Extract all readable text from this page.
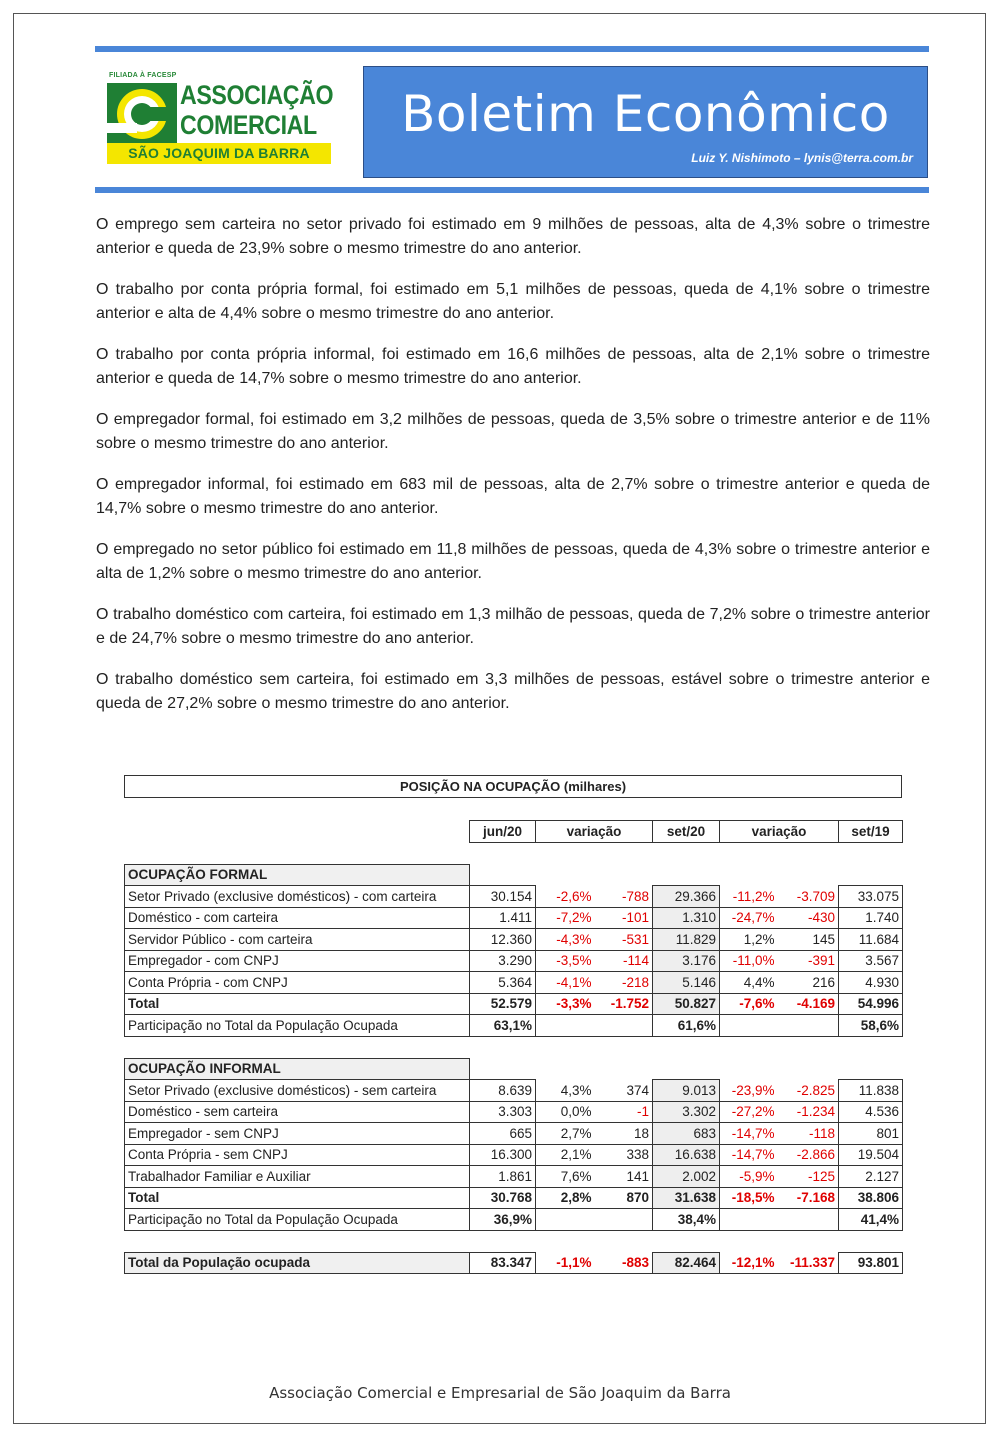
FILIADA À FACESP
ASSOCIAÇÃO
COMERCIAL
SÃO JOAQUIM DA BARRA
Boletim Econômico
Luiz Y. Nishimoto – lynis@terra.com.br

O emprego sem carteira no setor privado foi estimado em 9 milhões de pessoas, alta de 4,3% sobre o trimestre anterior e queda de 23,9% sobre o mesmo trimestre do ano anterior.

O trabalho por conta própria formal, foi estimado em 5,1 milhões de pessoas, queda de 4,1% sobre o trimestre anterior e alta de 4,4% sobre o mesmo trimestre do ano anterior.

O trabalho por conta própria informal, foi estimado em 16,6 milhões de pessoas, alta de 2,1% sobre o trimestre anterior e queda de 14,7% sobre o mesmo trimestre do ano anterior.

O empregador formal, foi estimado em 3,2 milhões de pessoas, queda de 3,5% sobre o trimestre anterior e de 11% sobre o mesmo trimestre do ano anterior.

O empregador informal, foi estimado em 683 mil de pessoas, alta de 2,7% sobre o trimestre anterior e queda de 14,7% sobre o mesmo trimestre do ano anterior.

O empregado no setor público foi estimado em 11,8 milhões de pessoas, queda de 4,3% sobre o trimestre anterior e alta de 1,2% sobre o mesmo trimestre do ano anterior.

O trabalho doméstico com carteira, foi estimado em 1,3 milhão de pessoas, queda de 7,2% sobre o trimestre anterior e de 24,7% sobre o mesmo trimestre do ano anterior.

O trabalho doméstico sem carteira, foi estimado em 3,3 milhões de pessoas, estável sobre o trimestre anterior e queda de 27,2% sobre o mesmo trimestre do ano anterior.

POSIÇÃO NA OCUPAÇÃO (milhares)
	jun/20	variação		set/20	variação		set/19

OCUPAÇÃO FORMAL							
Setor Privado (exclusive domésticos) - com carteira	30.154	-2,6%	-788	29.366	-11,2%	-3.709	33.075
Doméstico - com carteira	1.411	-7,2%	-101	1.310	-24,7%	-430	1.740
Servidor Público - com carteira	12.360	-4,3%	-531	11.829	1,2%	145	11.684
Empregador - com CNPJ	3.290	-3,5%	-114	3.176	-11,0%	-391	3.567
Conta Própria - com CNPJ	5.364	-4,1%	-218	5.146	4,4%	216	4.930
Total	52.579	-3,3%	-1.752	50.827	-7,6%	-4.169	54.996
Participação no Total da População Ocupada	63,1%			61,6%			58,6%

OCUPAÇÃO INFORMAL							
Setor Privado (exclusive domésticos) - sem carteira	8.639	4,3%	374	9.013	-23,9%	-2.825	11.838
Doméstico - sem carteira	3.303	0,0%	-1	3.302	-27,2%	-1.234	4.536
Empregador - sem CNPJ	665	2,7%	18	683	-14,7%	-118	801
Conta Própria - sem CNPJ	16.300	2,1%	338	16.638	-14,7%	-2.866	19.504
Trabalhador Familiar e Auxiliar	1.861	7,6%	141	2.002	-5,9%	-125	2.127
Total	30.768	2,8%	870	31.638	-18,5%	-7.168	38.806
Participação no Total da População Ocupada	36,9%			38,4%			41,4%

Total da População ocupada	83.347	-1,1%	-883	82.464	-12,1%	-11.337	93.801
Associação Comercial e Empresarial de São Joaquim da Barra
